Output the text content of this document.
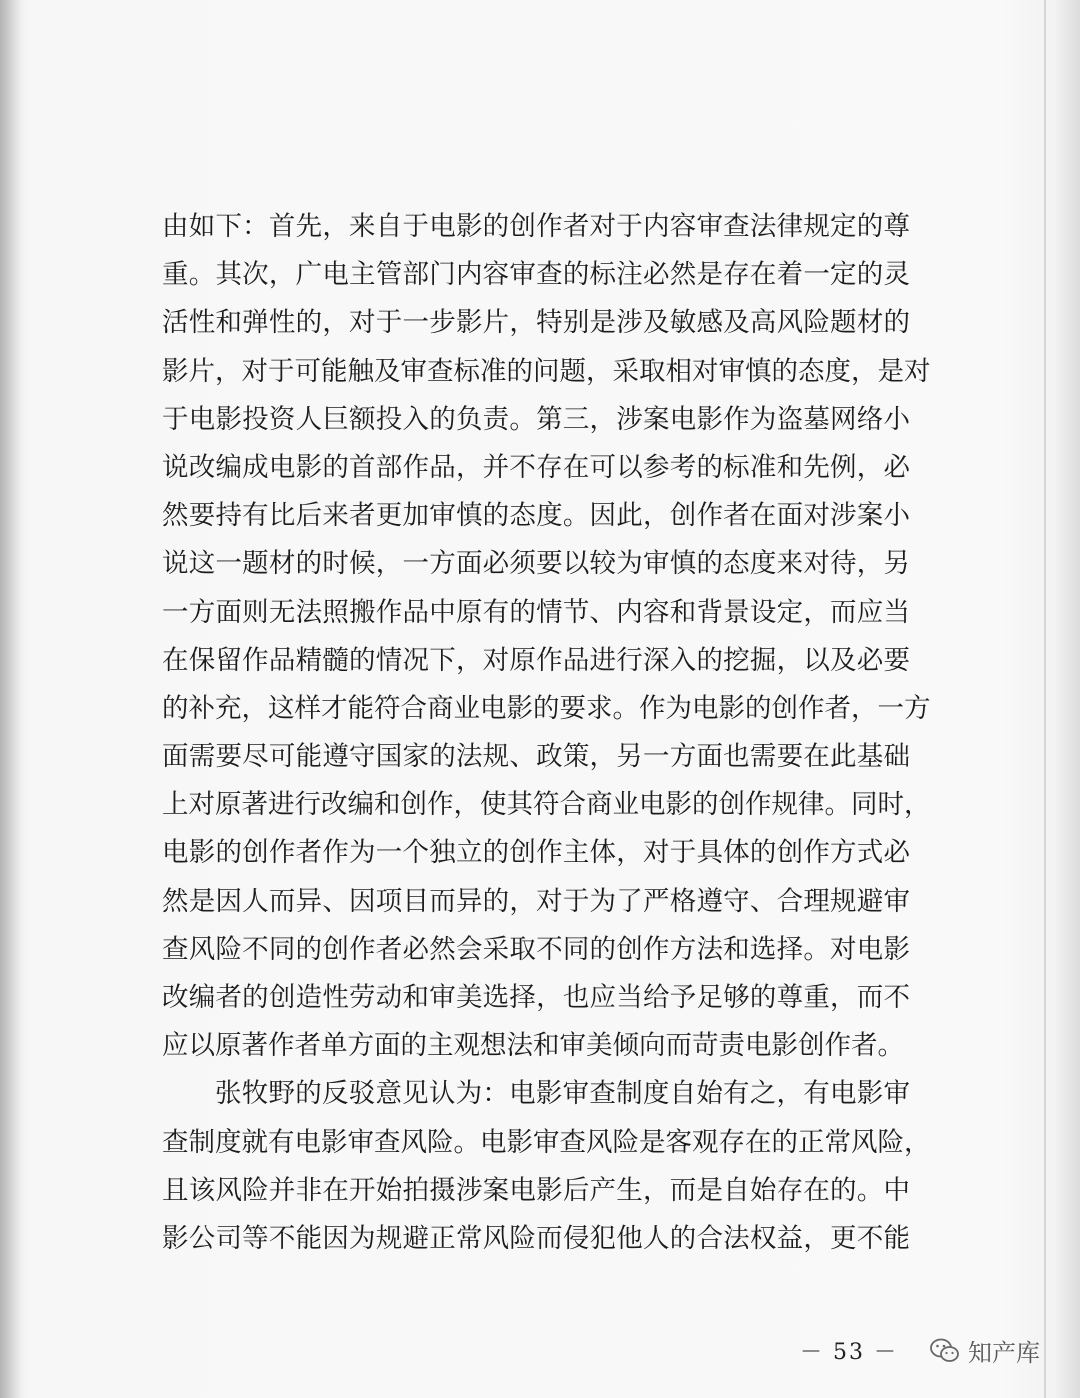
由如下：首先，来自于电影的创作者对于内容审查法律规定的尊
重。其次，广电主管部门内容审查的标注必然是存在着一定的灵
活性和弹性的，对于一步影片，特别是涉及敏感及高风险题材的
影片，对于可能触及审查标准的问题，采取相对审慎的态度，是对
于电影投资人巨额投入的负责。第三，涉案电影作为盗墓网络小
说改编成电影的首部作品，并不存在可以参考的标准和先例，必
然要持有比后来者更加审慎的态度。因此，创作者在面对涉案小
说这一题材的时候，一方面必须要以较为审慎的态度来对待，另
一方面则无法照搬作品中原有的情节、内容和背景设定，而应当
在保留作品精髓的情况下，对原作品进行深入的挖掘，以及必要
的补充，这样才能符合商业电影的要求。作为电影的创作者，一方
面需要尽可能遵守国家的法规、政策，另一方面也需要在此基础
上对原著进行改编和创作，使其符合商业电影的创作规律。同时，
电影的创作者作为一个独立的创作主体，对于具体的创作方式必
然是因人而异、因项目而异的，对于为了严格遵守、合理规避审
查风险不同的创作者必然会采取不同的创作方法和选择。对电影
改编者的创造性劳动和审美选择，也应当给予足够的尊重，而不
应以原著作者单方面的主观想法和审美倾向而苛责电影创作者。

张牧野的反驳意见认为：电影审查制度自始有之，有电影审
查制度就有电影审查风险。电影审查风险是客观存在的正常风险，
且该风险并非在开始拍摄涉案电影后产生，而是自始存在的。中
影公司等不能因为规避正常风险而侵犯他人的合法权益，更不能

－ 53 －	知产库
